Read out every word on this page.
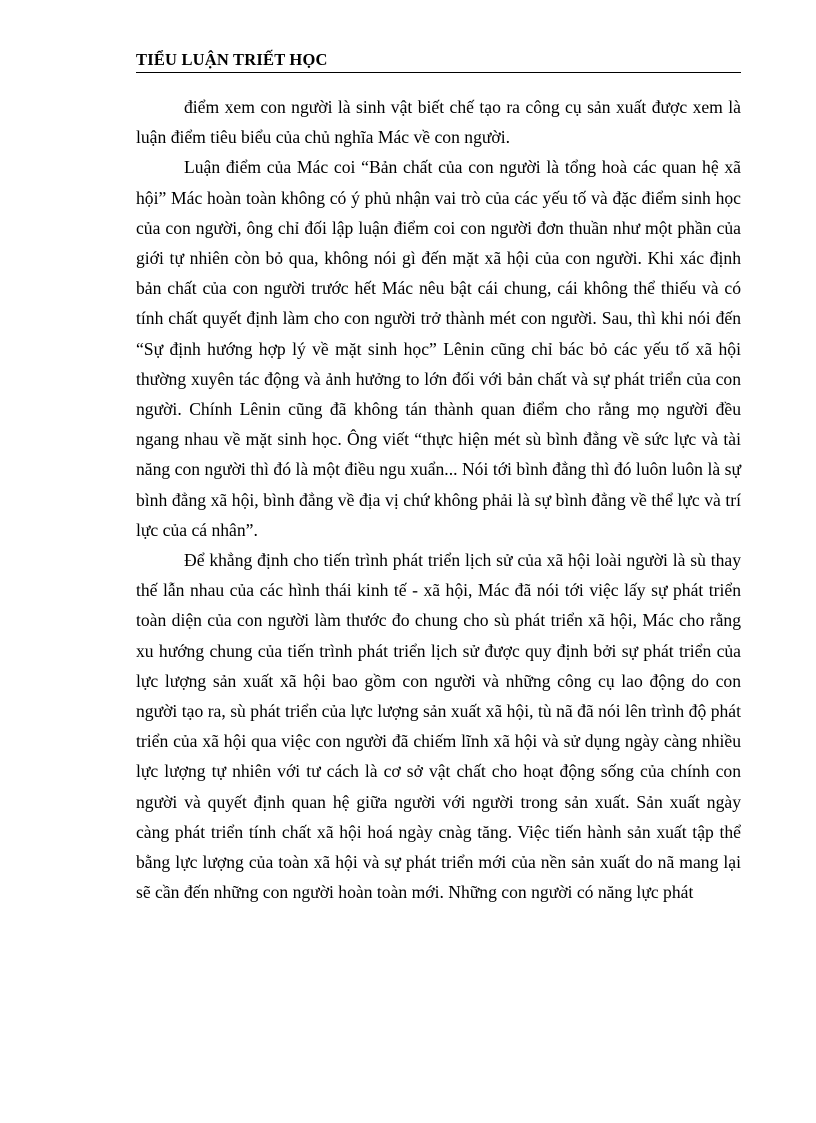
TIỂU LUẬN TRIẾT HỌC

điểm xem con người là sinh vật biết chế tạo ra công cụ sản xuất được xem là luận điểm tiêu biểu của chủ nghĩa Mác về con người.

Luận điểm của Mác coi “Bản chất của con người là tổng hoà các quan hệ xã hội” Mác hoàn toàn không có ý phủ nhận vai trò của các yếu tố và đặc điểm sinh học của con người, ông chỉ đối lập luận điểm coi con người đơn thuần như một phần của giới tự nhiên còn bỏ qua, không nói gì đến mặt xã hội của con người. Khi xác định bản chất của con người trước hết Mác nêu bật cái chung, cái không thể thiếu và có tính chất quyết định làm cho con người trở thành mét con người. Sau, thì khi nói đến “Sự định hướng hợp lý về mặt sinh học” Lênin cũng chỉ bác bỏ các yếu tố xã hội thường xuyên tác động và ảnh hưởng to lớn đối với bản chất và sự phát triển của con người. Chính Lênin cũng đã không tán thành quan điểm cho rằng mọ người đều ngang nhau về mặt sinh học. Ông viết “thực hiện mét sù bình đẳng về sức lực và tài năng con người thì đó là một điều ngu xuẩn... Nói tới bình đẳng thì đó luôn luôn là sự bình đẳng xã hội, bình đẳng về địa vị chứ không phải là sự bình đẳng về thể lực và trí lực của cá nhân”.

Để khẳng định cho tiến trình phát triển lịch sử của xã hội loài người là sù thay thế lẫn nhau của các hình thái kinh tế - xã hội, Mác đã nói tới việc lấy sự phát triển toàn diện của con người làm thước đo chung cho sù phát triển xã hội, Mác cho rằng xu hướng chung của tiến trình phát triển lịch sử được quy định bởi sự phát triển của lực lượng sản xuất xã hội bao gồm con người và những công cụ lao động do con người tạo ra, sù phát triển của lực lượng sản xuất xã hội, tù nã đã nói lên trình độ phát triển của xã hội qua việc con người đã chiếm lĩnh xã hội và sử dụng ngày càng nhiều lực lượng tự nhiên với tư cách là cơ sở vật chất cho hoạt động sống của chính con người và quyết định quan hệ giữa người với người trong sản xuất. Sản xuất ngày càng phát triển tính chất xã hội hoá ngày cnàg tăng. Việc tiến hành sản xuất tập thể bằng lực lượng của toàn xã hội và sự phát triển mới của nền sản xuất do nã mang lại sẽ cần đến những con người hoàn toàn mới. Những con người có năng lực phát
